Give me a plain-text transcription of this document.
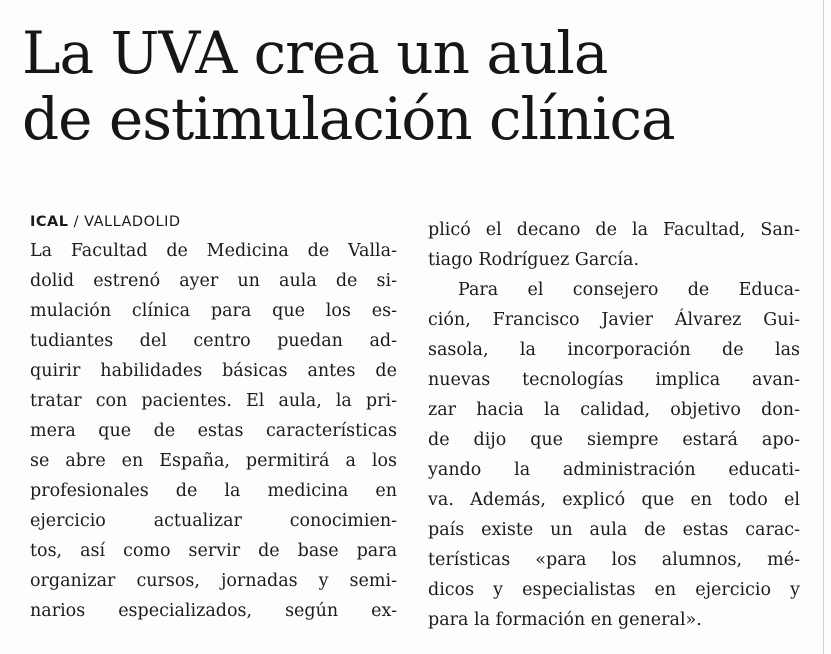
La UVA crea un aula
de estimulación clínica
ICAL / VALLADOLID
La Facultad de Medicina de Valla-
dolid estrenó ayer un aula de si-
mulación clínica para que los es-
tudiantes del centro puedan ad-
quirir habilidades básicas antes de
tratar con pacientes. El aula, la pri-
mera que de estas características
se abre en España, permitirá a los
profesionales de la medicina en
ejercicio actualizar conocimien-
tos, así como servir de base para
organizar cursos, jornadas y semi-
narios especializados, según ex-
plicó el decano de la Facultad, San-
tiago Rodríguez García.
Para el consejero de Educa-
ción, Francisco Javier Álvarez Gui-
sasola, la incorporación de las
nuevas tecnologías implica avan-
zar hacia la calidad, objetivo don-
de dijo que siempre estará apo-
yando la administración educati-
va. Además, explicó que en todo el
país existe un aula de estas carac-
terísticas «para los alumnos, mé-
dicos y especialistas en ejercicio y
para la formación en general».
